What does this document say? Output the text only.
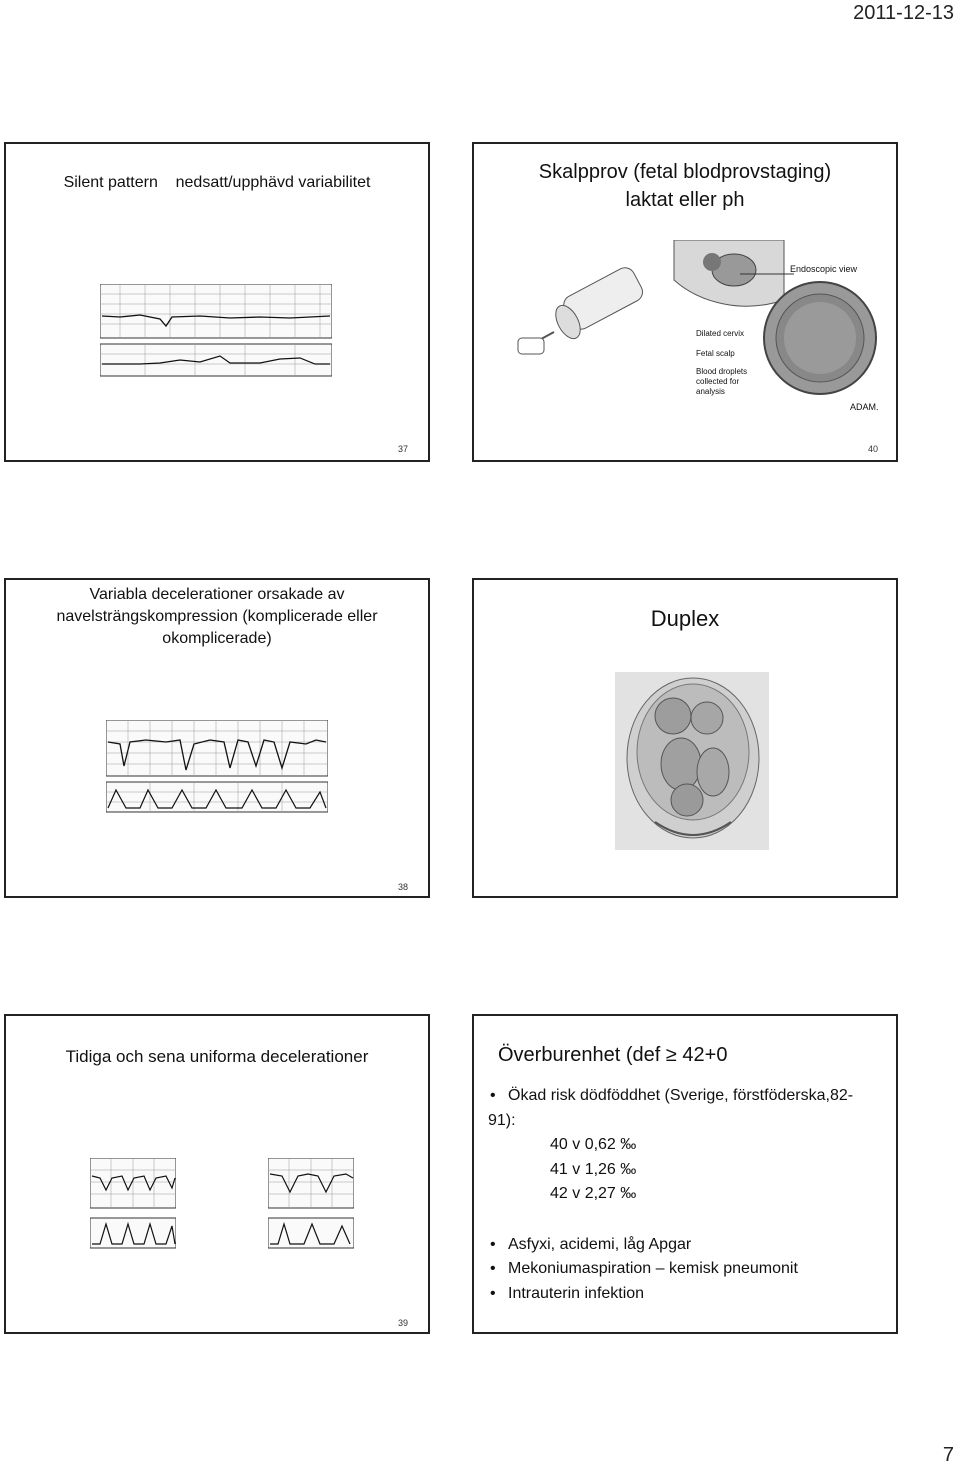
2011-12-13
Silent pattern    nedsatt/upphävd variabilitet
37
Skalpprov (fetal blodprovstaging)
laktat eller ph
Endoscopic view
Dilated cervix
Fetal scalp
Blood droplets
collected for
analysis
ADAM.
40
Variabla decelerationer orsakade av
navelsträngskompression (komplicerade eller
okomplicerade)
38
Duplex
Tidiga och sena uniforma decelerationer
39
Överburenhet (def ≥ 42+0
• Ökad risk dödföddhet (Sverige, förstföderska,82-
91):
40 v 0,62 ‰
41 v 1,26 ‰
42 v 2,27 ‰
• Asfyxi, acidemi, låg Apgar
• Mekoniumaspiration – kemisk pneumonit
• Intrauterin infektion
7
